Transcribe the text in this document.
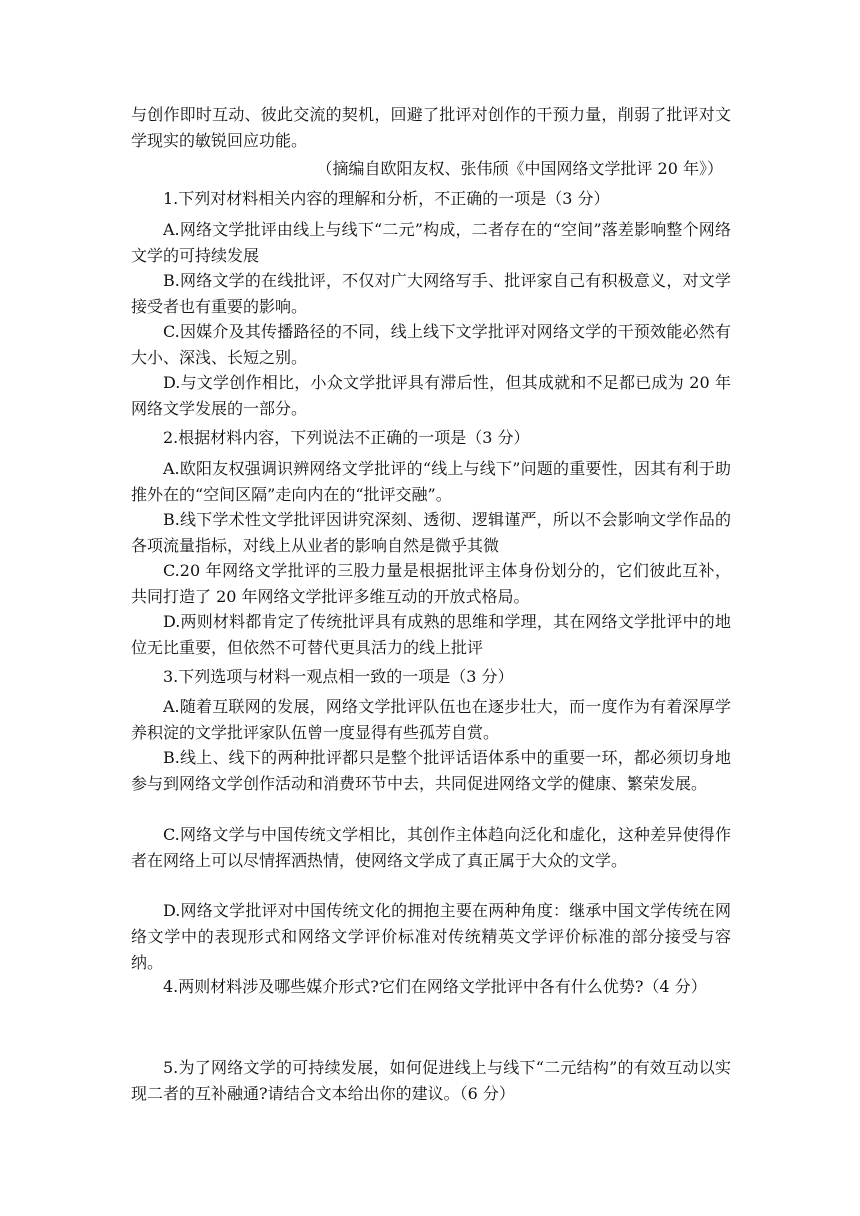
与创作即时互动、彼此交流的契机，回避了批评对创作的干预力量，削弱了批评对文学现实的敏锐回应功能。

（摘编自欧阳友权、张伟颀《中国网络文学批评 20 年》）

1.下列对材料相关内容的理解和分析，不正确的一项是（3 分）

A.网络文学批评由线上与线下“二元”构成，二者存在的“空间”落差影响整个网络文学的可持续发展

B.网络文学的在线批评，不仅对广大网络写手、批评家自己有积极意义，对文学接受者也有重要的影响。

C.因媒介及其传播路径的不同，线上线下文学批评对网络文学的干预效能必然有大小、深浅、长短之别。

D.与文学创作相比，小众文学批评具有滞后性，但其成就和不足都已成为 20 年网络文学发展的一部分。

2.根据材料内容，下列说法不正确的一项是（3 分）

A.欧阳友权强调识辨网络文学批评的“线上与线下”问题的重要性，因其有利于助推外在的“空间区隔”走向内在的“批评交融”。

B.线下学术性文学批评因讲究深刻、透彻、逻辑谨严，所以不会影响文学作品的各项流量指标，对线上从业者的影响自然是微乎其微

C.20 年网络文学批评的三股力量是根据批评主体身份划分的，它们彼此互补，共同打造了 20 年网络文学批评多维互动的开放式格局。

D.两则材料都肯定了传统批评具有成熟的思维和学理，其在网络文学批评中的地位无比重要，但依然不可替代更具活力的线上批评

3.下列选项与材料一观点相一致的一项是（3 分）

A.随着互联网的发展，网络文学批评队伍也在逐步壮大，而一度作为有着深厚学养积淀的文学批评家队伍曾一度显得有些孤芳自赏。

B.线上、线下的两种批评都只是整个批评话语体系中的重要一环，都必须切身地参与到网络文学创作活动和消费环节中去，共同促进网络文学的健康、繁荣发展。

C.网络文学与中国传统文学相比，其创作主体趋向泛化和虚化，这种差异使得作者在网络上可以尽情挥洒热情，使网络文学成了真正属于大众的文学。

D.网络文学批评对中国传统文化的拥抱主要在两种角度：继承中国文学传统在网络文学中的表现形式和网络文学评价标准对传统精英文学评价标准的部分接受与容纳。

4.两则材料涉及哪些媒介形式?它们在网络文学批评中各有什么优势?（4 分）

5.为了网络文学的可持续发展，如何促进线上与线下“二元结构”的有效互动以实现二者的互补融通?请结合文本给出你的建议。（6 分）
